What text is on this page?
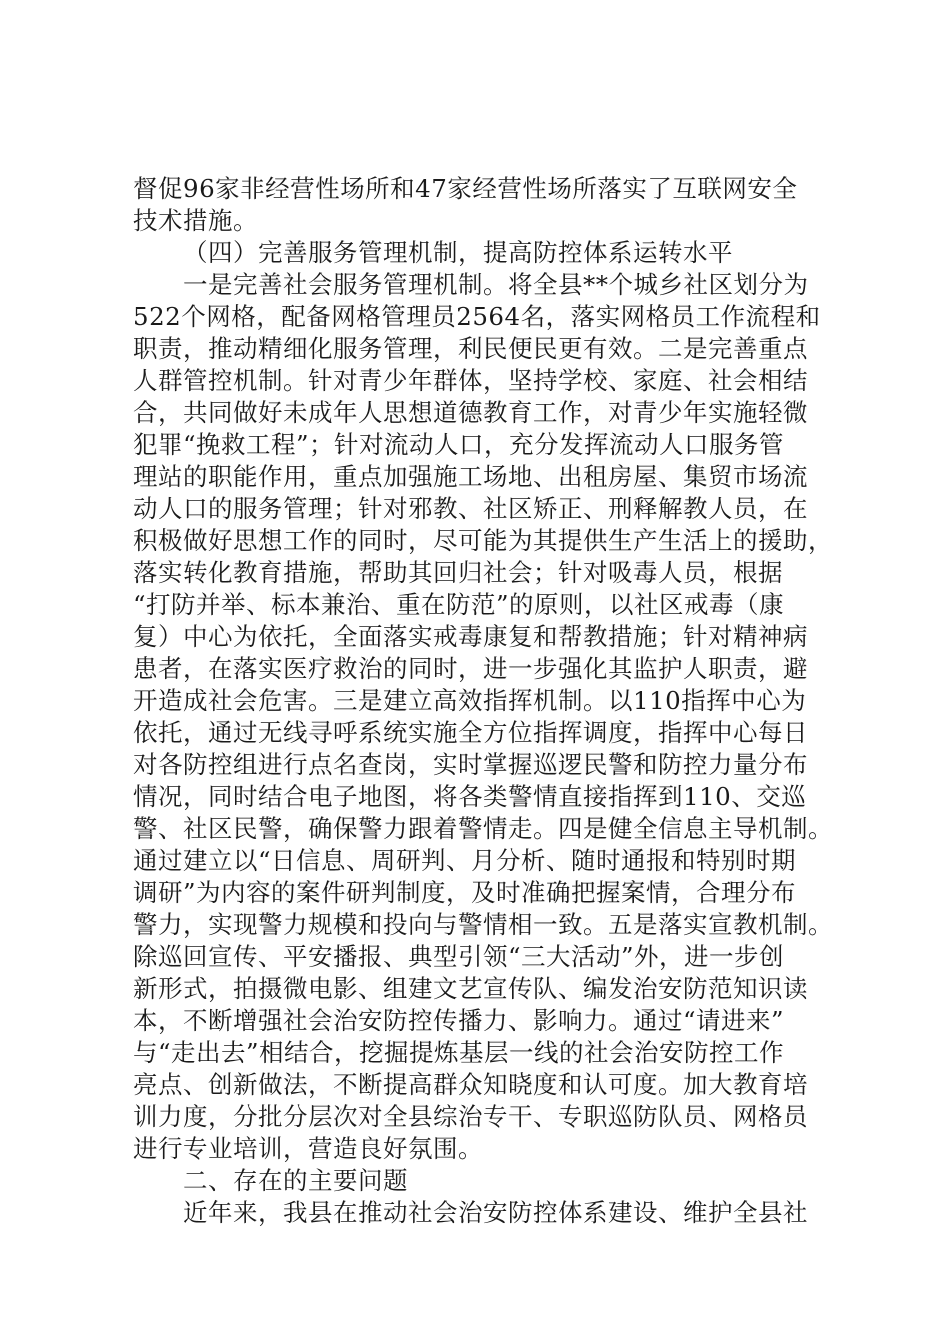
督促96家非经营性场所和47家经营性场所落实了互联网安全
技术措施。
（四）完善服务管理机制，提高防控体系运转水平
一是完善社会服务管理机制。将全县**个城乡社区划分为
522个网格，配备网格管理员2564名，落实网格员工作流程和
职责，推动精细化服务管理，利民便民更有效。二是完善重点
人群管控机制。针对青少年群体，坚持学校、家庭、社会相结
合，共同做好未成年人思想道德教育工作，对青少年实施轻微
犯罪“挽救工程”；针对流动人口，充分发挥流动人口服务管
理站的职能作用，重点加强施工场地、出租房屋、集贸市场流
动人口的服务管理；针对邪教、社区矫正、刑释解教人员，在
积极做好思想工作的同时，尽可能为其提供生产生活上的援助，
落实转化教育措施，帮助其回归社会；针对吸毒人员，根据
“打防并举、标本兼治、重在防范”的原则，以社区戒毒（康
复）中心为依托，全面落实戒毒康复和帮教措施；针对精神病
患者，在落实医疗救治的同时，进一步强化其监护人职责，避
开造成社会危害。三是建立高效指挥机制。以110指挥中心为
依托，通过无线寻呼系统实施全方位指挥调度，指挥中心每日
对各防控组进行点名查岗，实时掌握巡逻民警和防控力量分布
情况，同时结合电子地图，将各类警情直接指挥到110、交巡
警、社区民警，确保警力跟着警情走。四是健全信息主导机制。
通过建立以“日信息、周研判、月分析、随时通报和特别时期
调研”为内容的案件研判制度，及时准确把握案情，合理分布
警力，实现警力规模和投向与警情相一致。五是落实宣教机制。
除巡回宣传、平安播报、典型引领“三大活动”外，进一步创
新形式，拍摄微电影、组建文艺宣传队、编发治安防范知识读
本，不断增强社会治安防控传播力、影响力。通过“请进来”
与“走出去”相结合，挖掘提炼基层一线的社会治安防控工作
亮点、创新做法，不断提高群众知晓度和认可度。加大教育培
训力度，分批分层次对全县综治专干、专职巡防队员、网格员
进行专业培训，营造良好氛围。
二、存在的主要问题
近年来，我县在推动社会治安防控体系建设、维护全县社
